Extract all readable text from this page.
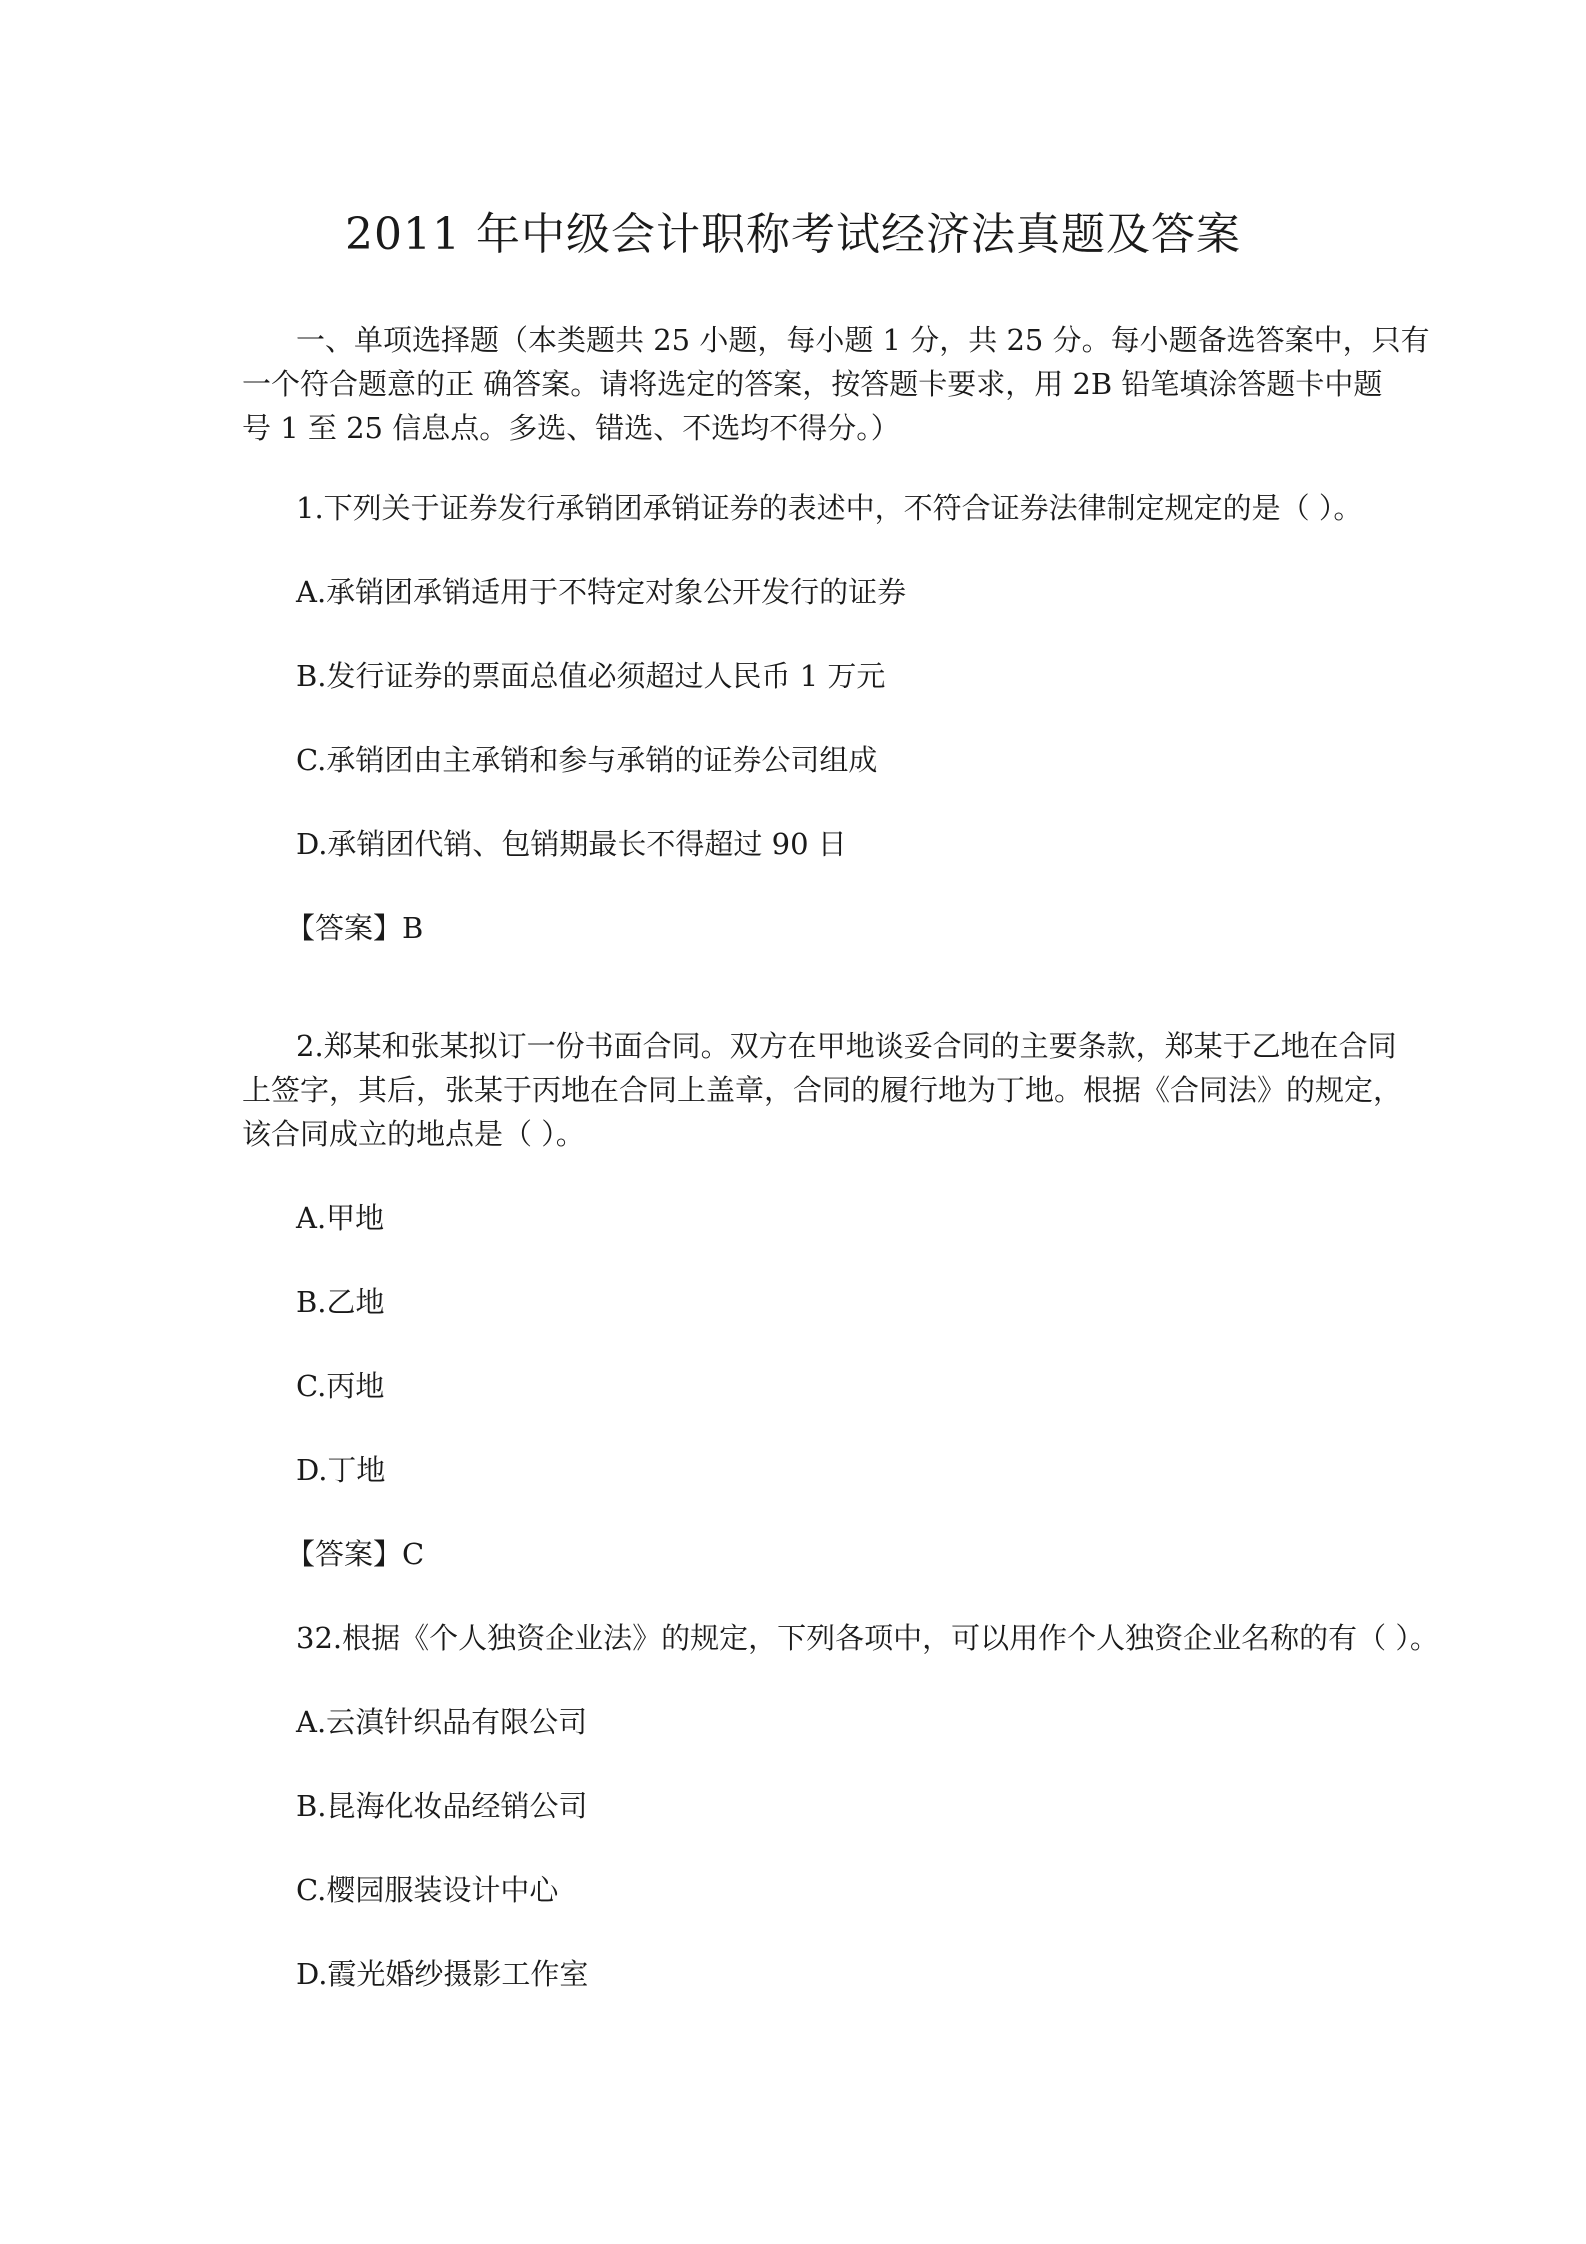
2011 年中级会计职称考试经济法真题及答案
一、单项选择题（本类题共 25 小题，每小题 1 分，共 25 分。每小题备选答案中，只有
一个符合题意的正 确答案。请将选定的答案，按答题卡要求，用 2B 铅笔填涂答题卡中题
号 1 至 25 信息点。多选、错选、不选均不得分。）
1.下列关于证券发行承销团承销证券的表述中，不符合证券法律制定规定的是（ ）。
A.承销团承销适用于不特定对象公开发行的证券
B.发行证券的票面总值必须超过人民币 1 万元
C.承销团由主承销和参与承销的证券公司组成
D.承销团代销、包销期最长不得超过 90 日
【答案】B
2.郑某和张某拟订一份书面合同。双方在甲地谈妥合同的主要条款，郑某于乙地在合同
上签字，其后，张某于丙地在合同上盖章，合同的履行地为丁地。根据《合同法》的规定，
该合同成立的地点是（ ）。
A.甲地
B.乙地
C.丙地
D.丁地
【答案】C
32.根据《个人独资企业法》的规定，下列各项中，可以用作个人独资企业名称的有（ ）。
A.云滇针织品有限公司
B.昆海化妆品经销公司
C.樱园服装设计中心
D.霞光婚纱摄影工作室
